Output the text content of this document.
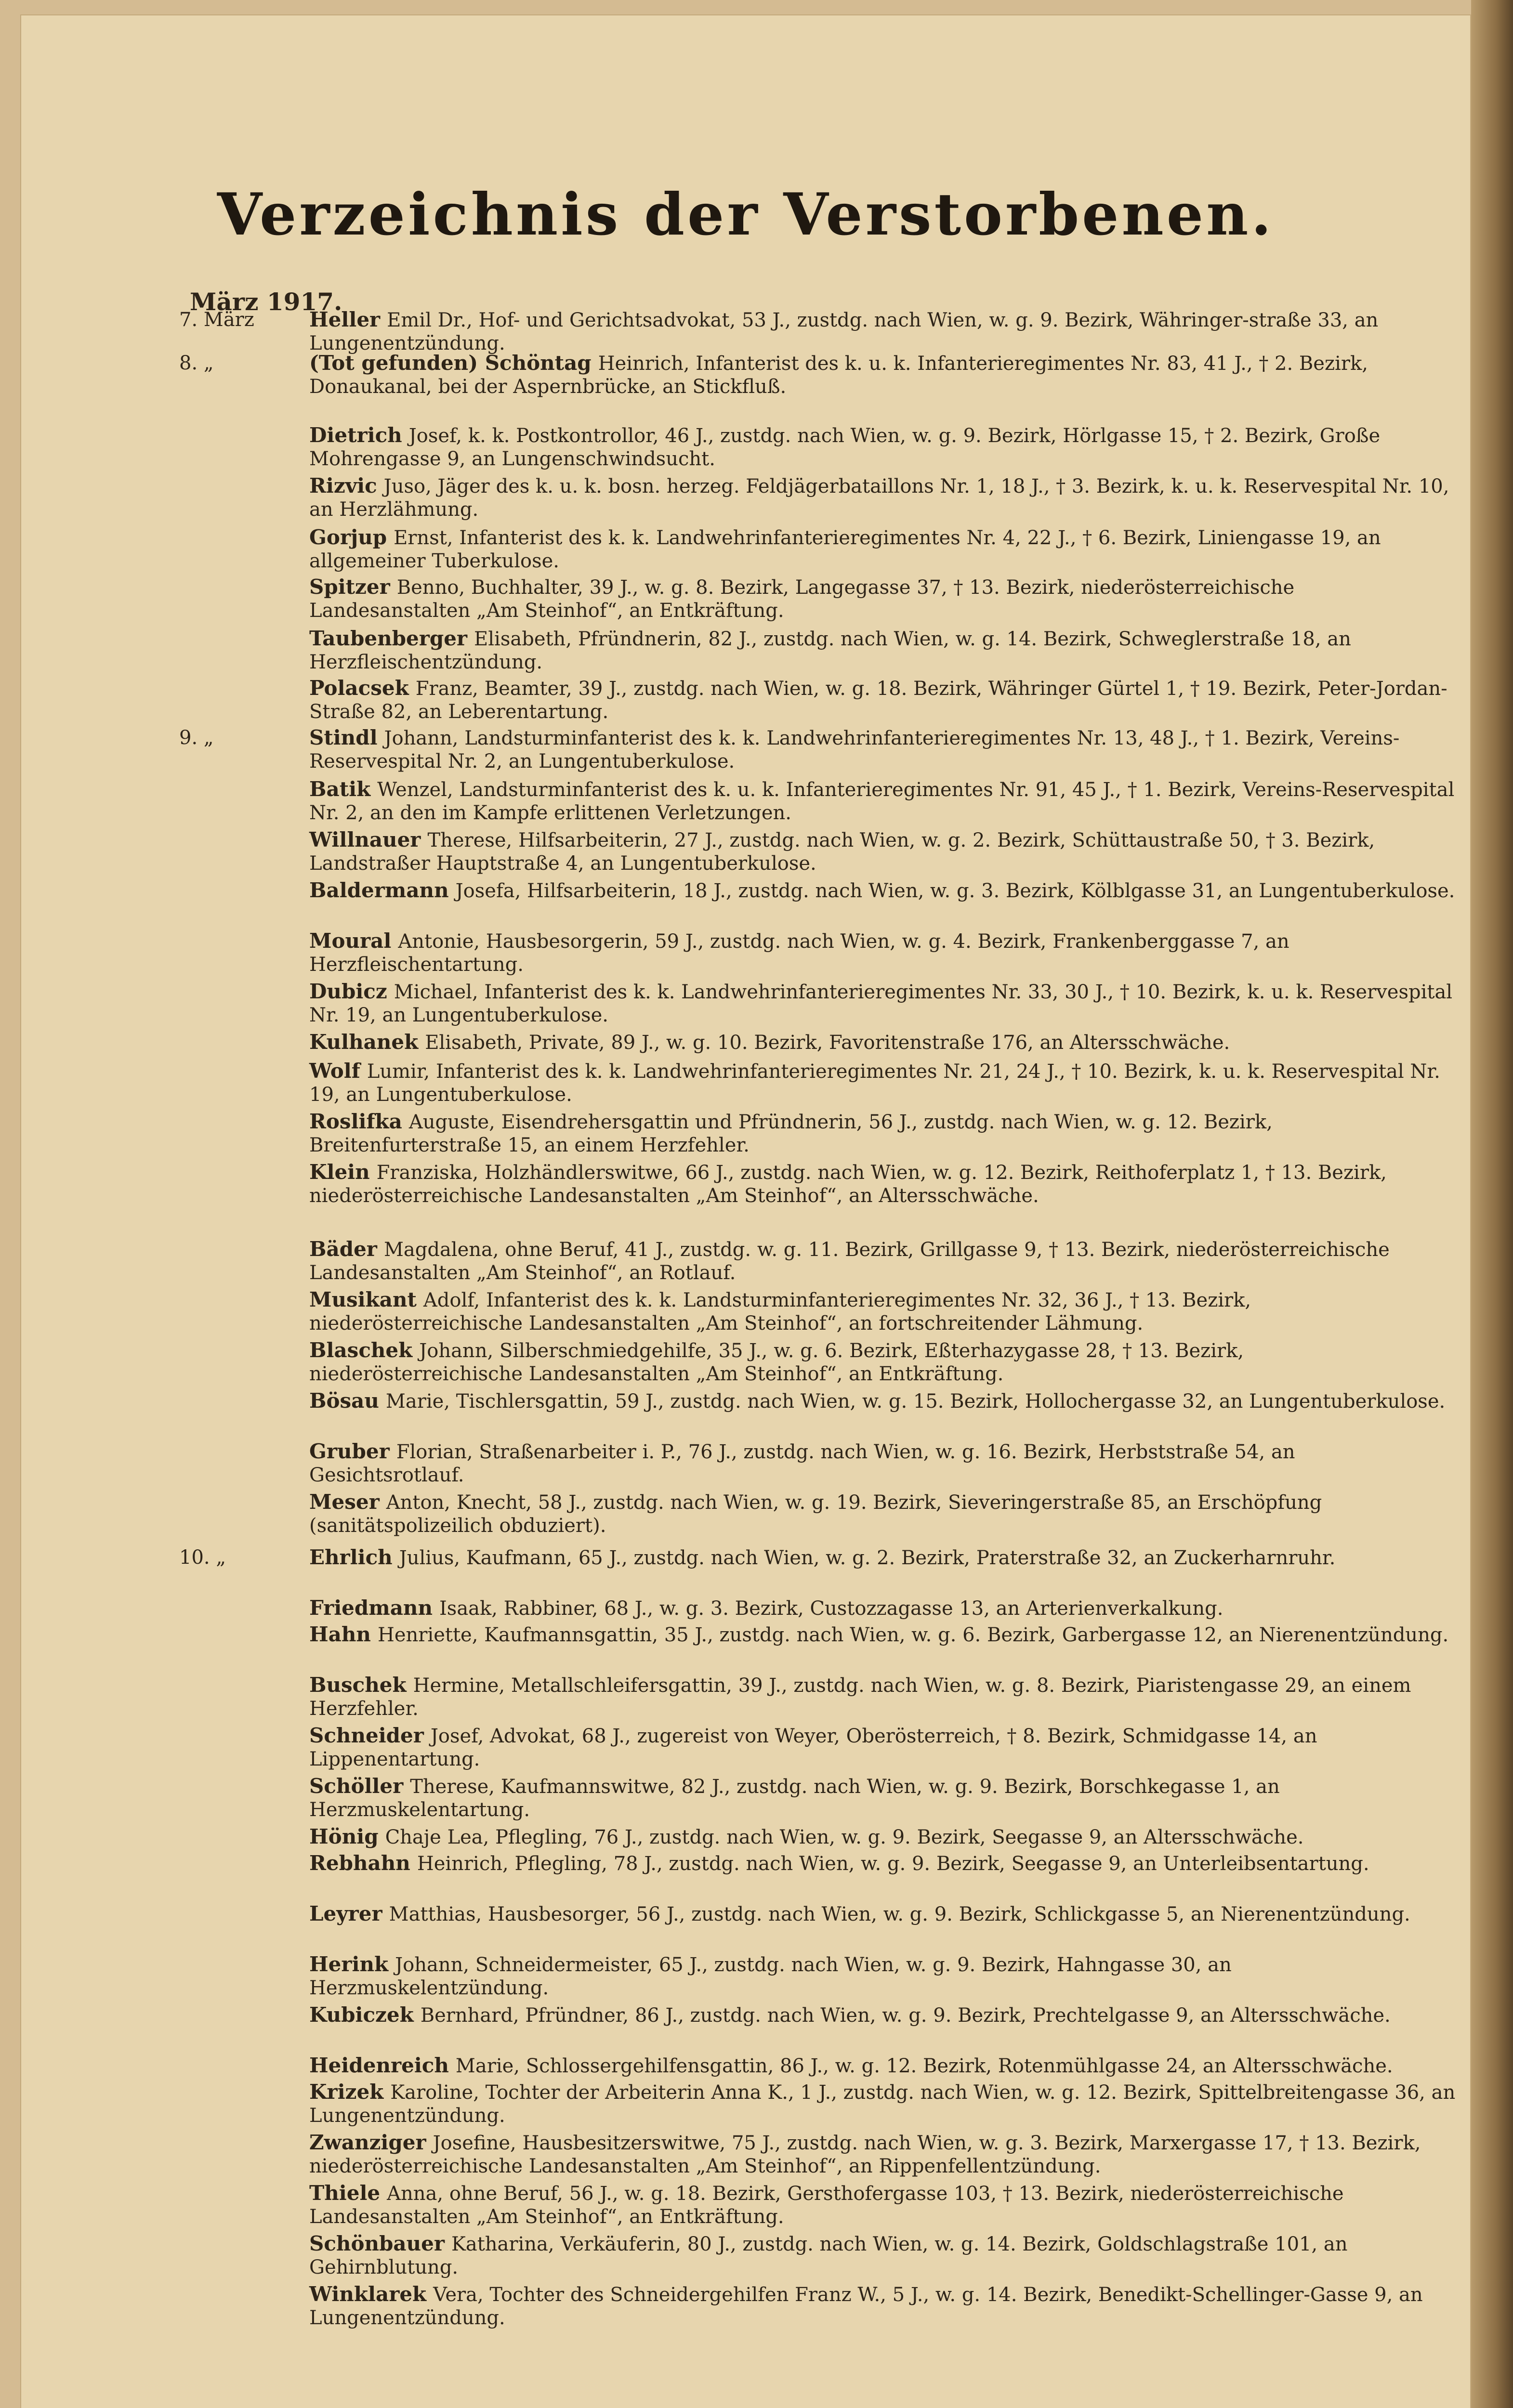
Verzeichnis der Verstorbenen.
März 1917.
7. März	Heller Emil Dr., Hof- und Gerichtsadvokat, 53 J., zustdg. nach Wien, w. g. 9. Bezirk, Währinger-straße 33, an Lungenentzündung.
8. „	(Tot gefunden) Schöntag Heinrich, Infanterist des k. u. k. Infanterieregimentes Nr. 83, 41 J., † 2. Bezirk, Donaukanal, bei der Aspernbrücke, an Stickfluß.
Dietrich Josef, k. k. Postkontrollor, 46 J., zustdg. nach Wien, w. g. 9. Bezirk, Hörlgasse 15, † 2. Bezirk, Große Mohrengasse 9, an Lungenschwindsucht.
Rizvic Juso, Jäger des k. u. k. bosn. herzeg. Feldjägerbataillons Nr. 1, 18 J., † 3. Bezirk, k. u. k. Reservespital Nr. 10, an Herzlähmung.
Gorjup Ernst, Infanterist des k. k. Landwehrinfanterieregimentes Nr. 4, 22 J., † 6. Bezirk, Liniengasse 19, an allgemeiner Tuberkulose.
Spitzer Benno, Buchhalter, 39 J., w. g. 8. Bezirk, Langegasse 37, † 13. Bezirk, niederösterreichische Landesanstalten „Am Steinhof“, an Entkräftung.
Taubenberger Elisabeth, Pfründnerin, 82 J., zustdg. nach Wien, w. g. 14. Bezirk, Schweglerstraße 18, an Herzfleischentzündung.
Polacsek Franz, Beamter, 39 J., zustdg. nach Wien, w. g. 18. Bezirk, Währinger Gürtel 1, † 19. Bezirk, Peter-Jordan-Straße 82, an Leberentartung.
9. „	Stindl Johann, Landsturminfanterist des k. k. Landwehrinfanterieregimentes Nr. 13, 48 J., † 1. Bezirk, Vereins-Reservespital Nr. 2, an Lungentuberkulose.
Batik Wenzel, Landsturminfanterist des k. u. k. Infanterieregimentes Nr. 91, 45 J., † 1. Bezirk, Vereins-Reservespital Nr. 2, an den im Kampfe erlittenen Verletzungen.
Willnauer Therese, Hilfsarbeiterin, 27 J., zustdg. nach Wien, w. g. 2. Bezirk, Schüttaustraße 50, † 3. Bezirk, Landstraßer Hauptstraße 4, an Lungentuberkulose.
Baldermann Josefa, Hilfsarbeiterin, 18 J., zustdg. nach Wien, w. g. 3. Bezirk, Kölblgasse 31, an Lungentuberkulose.
Moural Antonie, Hausbesorgerin, 59 J., zustdg. nach Wien, w. g. 4. Bezirk, Frankenberggasse 7, an Herzfleischentartung.
Dubicz Michael, Infanterist des k. k. Landwehrinfanterieregimentes Nr. 33, 30 J., † 10. Bezirk, k. u. k. Reservespital Nr. 19, an Lungentuberkulose.
Kulhanek Elisabeth, Private, 89 J., w. g. 10. Bezirk, Favoritenstraße 176, an Altersschwäche.
Wolf Lumir, Infanterist des k. k. Landwehrinfanterieregimentes Nr. 21, 24 J., † 10. Bezirk, k. u. k. Reservespital Nr. 19, an Lungentuberkulose.
Roslifka Auguste, Eisendrehersgattin und Pfründnerin, 56 J., zustdg. nach Wien, w. g. 12. Bezirk, Breitenfurterstraße 15, an einem Herzfehler.
Klein Franziska, Holzhändlerswitwe, 66 J., zustdg. nach Wien, w. g. 12. Bezirk, Reithoferplatz 1, † 13. Bezirk, niederösterreichische Landesanstalten „Am Steinhof“, an Altersschwäche.
Bäder Magdalena, ohne Beruf, 41 J., zustdg. w. g. 11. Bezirk, Grillgasse 9, † 13. Bezirk, niederösterreichische Landesanstalten „Am Steinhof“, an Rotlauf.
Musikant Adolf, Infanterist des k. k. Landsturminfanterieregimentes Nr. 32, 36 J., † 13. Bezirk, niederösterreichische Landesanstalten „Am Steinhof“, an fortschreitender Lähmung.
Blaschek Johann, Silberschmiedgehilfe, 35 J., w. g. 6. Bezirk, Eßterhazygasse 28, † 13. Bezirk, niederösterreichische Landesanstalten „Am Steinhof“, an Entkräftung.
Bösau Marie, Tischlersgattin, 59 J., zustdg. nach Wien, w. g. 15. Bezirk, Hollochergasse 32, an Lungentuberkulose.
Gruber Florian, Straßenarbeiter i. P., 76 J., zustdg. nach Wien, w. g. 16. Bezirk, Herbststraße 54, an Gesichtsrotlauf.
Meser Anton, Knecht, 58 J., zustdg. nach Wien, w. g. 19. Bezirk, Sieveringerstraße 85, an Erschöpfung (sanitätspolizeilich obduziert).
10. „	Ehrlich Julius, Kaufmann, 65 J., zustdg. nach Wien, w. g. 2. Bezirk, Praterstraße 32, an Zuckerharnruhr.
Friedmann Isaak, Rabbiner, 68 J., w. g. 3. Bezirk, Custozzagasse 13, an Arterienverkalkung.
Hahn Henriette, Kaufmannsgattin, 35 J., zustdg. nach Wien, w. g. 6. Bezirk, Garbergasse 12, an Nierenentzündung.
Buschek Hermine, Metallschleifersgattin, 39 J., zustdg. nach Wien, w. g. 8. Bezirk, Piaristengasse 29, an einem Herzfehler.
Schneider Josef, Advokat, 68 J., zugereist von Weyer, Oberösterreich, † 8. Bezirk, Schmidgasse 14, an Lippenentartung.
Schöller Therese, Kaufmannswitwe, 82 J., zustdg. nach Wien, w. g. 9. Bezirk, Borschkegasse 1, an Herzmuskelentartung.
Hönig Chaje Lea, Pflegling, 76 J., zustdg. nach Wien, w. g. 9. Bezirk, Seegasse 9, an Altersschwäche.
Rebhahn Heinrich, Pflegling, 78 J., zustdg. nach Wien, w. g. 9. Bezirk, Seegasse 9, an Unterleibsentartung.
Leyrer Matthias, Hausbesorger, 56 J., zustdg. nach Wien, w. g. 9. Bezirk, Schlickgasse 5, an Nierenentzündung.
Herink Johann, Schneidermeister, 65 J., zustdg. nach Wien, w. g. 9. Bezirk, Hahngasse 30, an Herzmuskelentzündung.
Kubiczek Bernhard, Pfründner, 86 J., zustdg. nach Wien, w. g. 9. Bezirk, Prechtelgasse 9, an Altersschwäche.
Heidenreich Marie, Schlossergehilfensgattin, 86 J., w. g. 12. Bezirk, Rotenmühlgasse 24, an Altersschwäche.
Krizek Karoline, Tochter der Arbeiterin Anna K., 1 J., zustdg. nach Wien, w. g. 12. Bezirk, Spittelbreitengasse 36, an Lungenentzündung.
Zwanziger Josefine, Hausbesitzerswitwe, 75 J., zustdg. nach Wien, w. g. 3. Bezirk, Marxergasse 17, † 13. Bezirk, niederösterreichische Landesanstalten „Am Steinhof“, an Rippenfellentzündung.
Thiele Anna, ohne Beruf, 56 J., w. g. 18. Bezirk, Gersthofergasse 103, † 13. Bezirk, niederösterreichische Landesanstalten „Am Steinhof“, an Entkräftung.
Schönbauer Katharina, Verkäuferin, 80 J., zustdg. nach Wien, w. g. 14. Bezirk, Goldschlagstraße 101, an Gehirnblutung.
Winklarek Vera, Tochter des Schneidergehilfen Franz W., 5 J., w. g. 14. Bezirk, Benedikt-Schellinger-Gasse 9, an Lungenentzündung.
